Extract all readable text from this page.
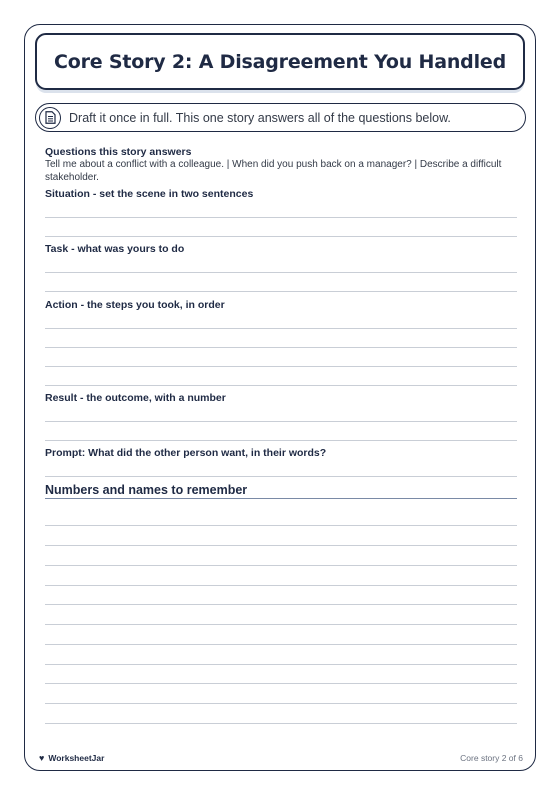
Core Story 2: A Disagreement You Handled
Draft it once in full. This one story answers all of the questions below.
Questions this story answers
Tell me about a conflict with a colleague. | When did you push back on a manager? | Describe a difficult stakeholder.
Situation - set the scene in two sentences
Task - what was yours to do
Action - the steps you took, in order
Result - the outcome, with a number
Prompt: What did the other person want, in their words?
Numbers and names to remember
♥ WorksheetJar	Core story 2 of 6
